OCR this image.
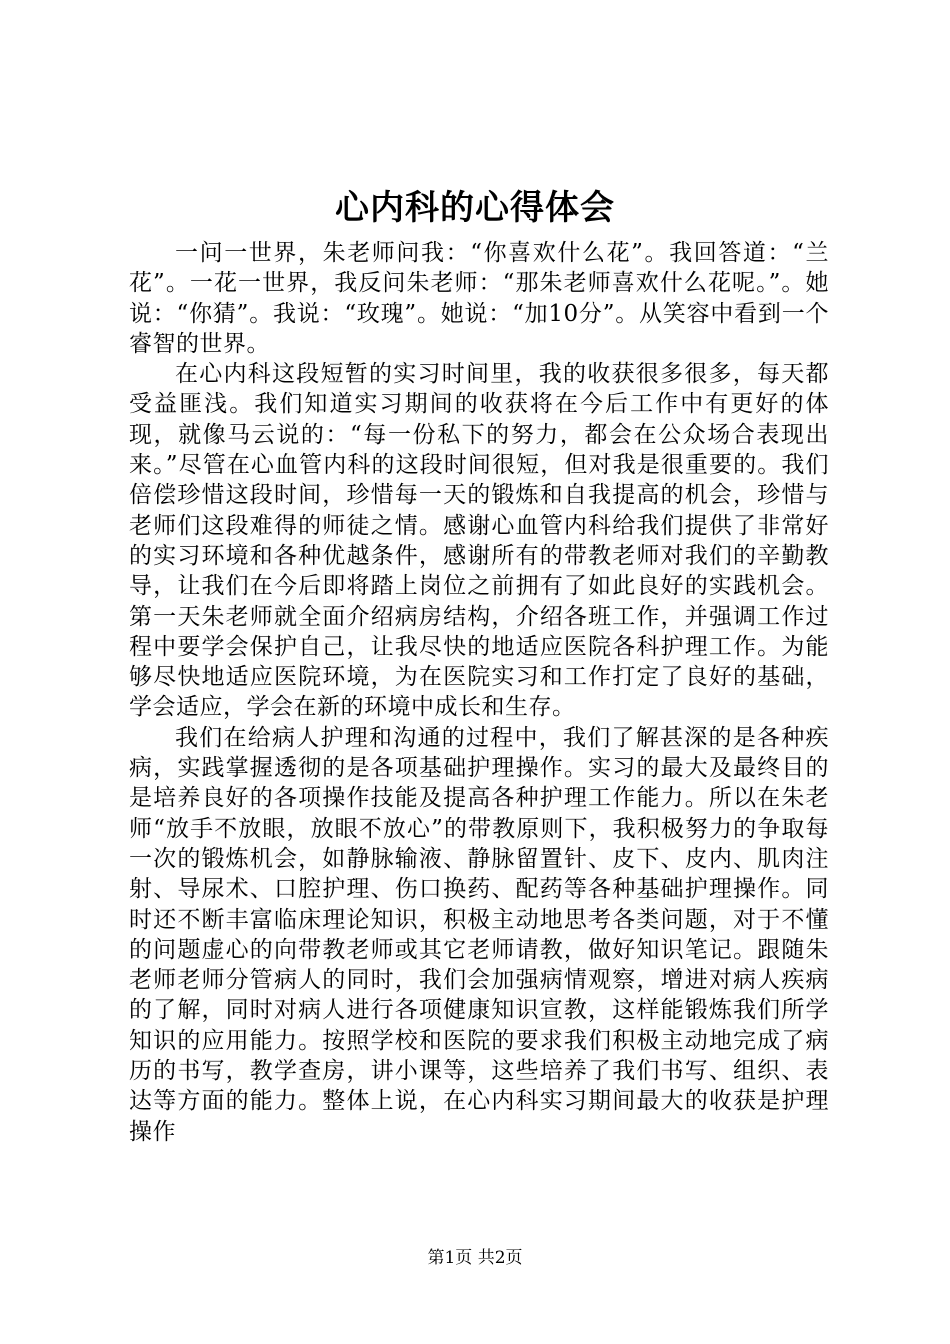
心内科的心得体会

一问一世界，朱老师问我：“你喜欢什么花”。我回答道：“兰花”。一花一世界，我反问朱老师：“那朱老师喜欢什么花呢。”。她说：“你猜”。我说：“玫瑰”。她说：“加10分”。从笑容中看到一个睿智的世界。

在心内科这段短暂的实习时间里，我的收获很多很多，每天都受益匪浅。我们知道实习期间的收获将在今后工作中有更好的体现，就像马云说的：“每一份私下的努力，都会在公众场合表现出来。”尽管在心血管内科的这段时间很短，但对我是很重要的。我们倍偿珍惜这段时间，珍惜每一天的锻炼和自我提高的机会，珍惜与老师们这段难得的师徒之情。感谢心血管内科给我们提供了非常好的实习环境和各种优越条件，感谢所有的带教老师对我们的辛勤教导，让我们在今后即将踏上岗位之前拥有了如此良好的实践机会。第一天朱老师就全面介绍病房结构，介绍各班工作，并强调工作过程中要学会保护自己，让我尽快的地适应医院各科护理工作。为能够尽快地适应医院环境，为在医院实习和工作打定了良好的基础，学会适应，学会在新的环境中成长和生存。

我们在给病人护理和沟通的过程中，我们了解甚深的是各种疾病，实践掌握透彻的是各项基础护理操作。实习的最大及最终目的是培养良好的各项操作技能及提高各种护理工作能力。所以在朱老师“放手不放眼，放眼不放心”的带教原则下，我积极努力的争取每一次的锻炼机会，如静脉输液、静脉留置针、皮下、皮内、肌肉注射、导尿术、口腔护理、伤口换药、配药等各种基础护理操作。同时还不断丰富临床理论知识，积极主动地思考各类问题，对于不懂的问题虚心的向带教老师或其它老师请教，做好知识笔记。跟随朱老师老师分管病人的同时，我们会加强病情观察，增进对病人疾病的了解，同时对病人进行各项健康知识宣教，这样能锻炼我们所学知识的应用能力。按照学校和医院的要求我们积极主动地完成了病历的书写，教学查房，讲小课等，这些培养了我们书写、组织、表达等方面的能力。整体上说，在心内科实习期间最大的收获是护理操作

第1页 共2页
